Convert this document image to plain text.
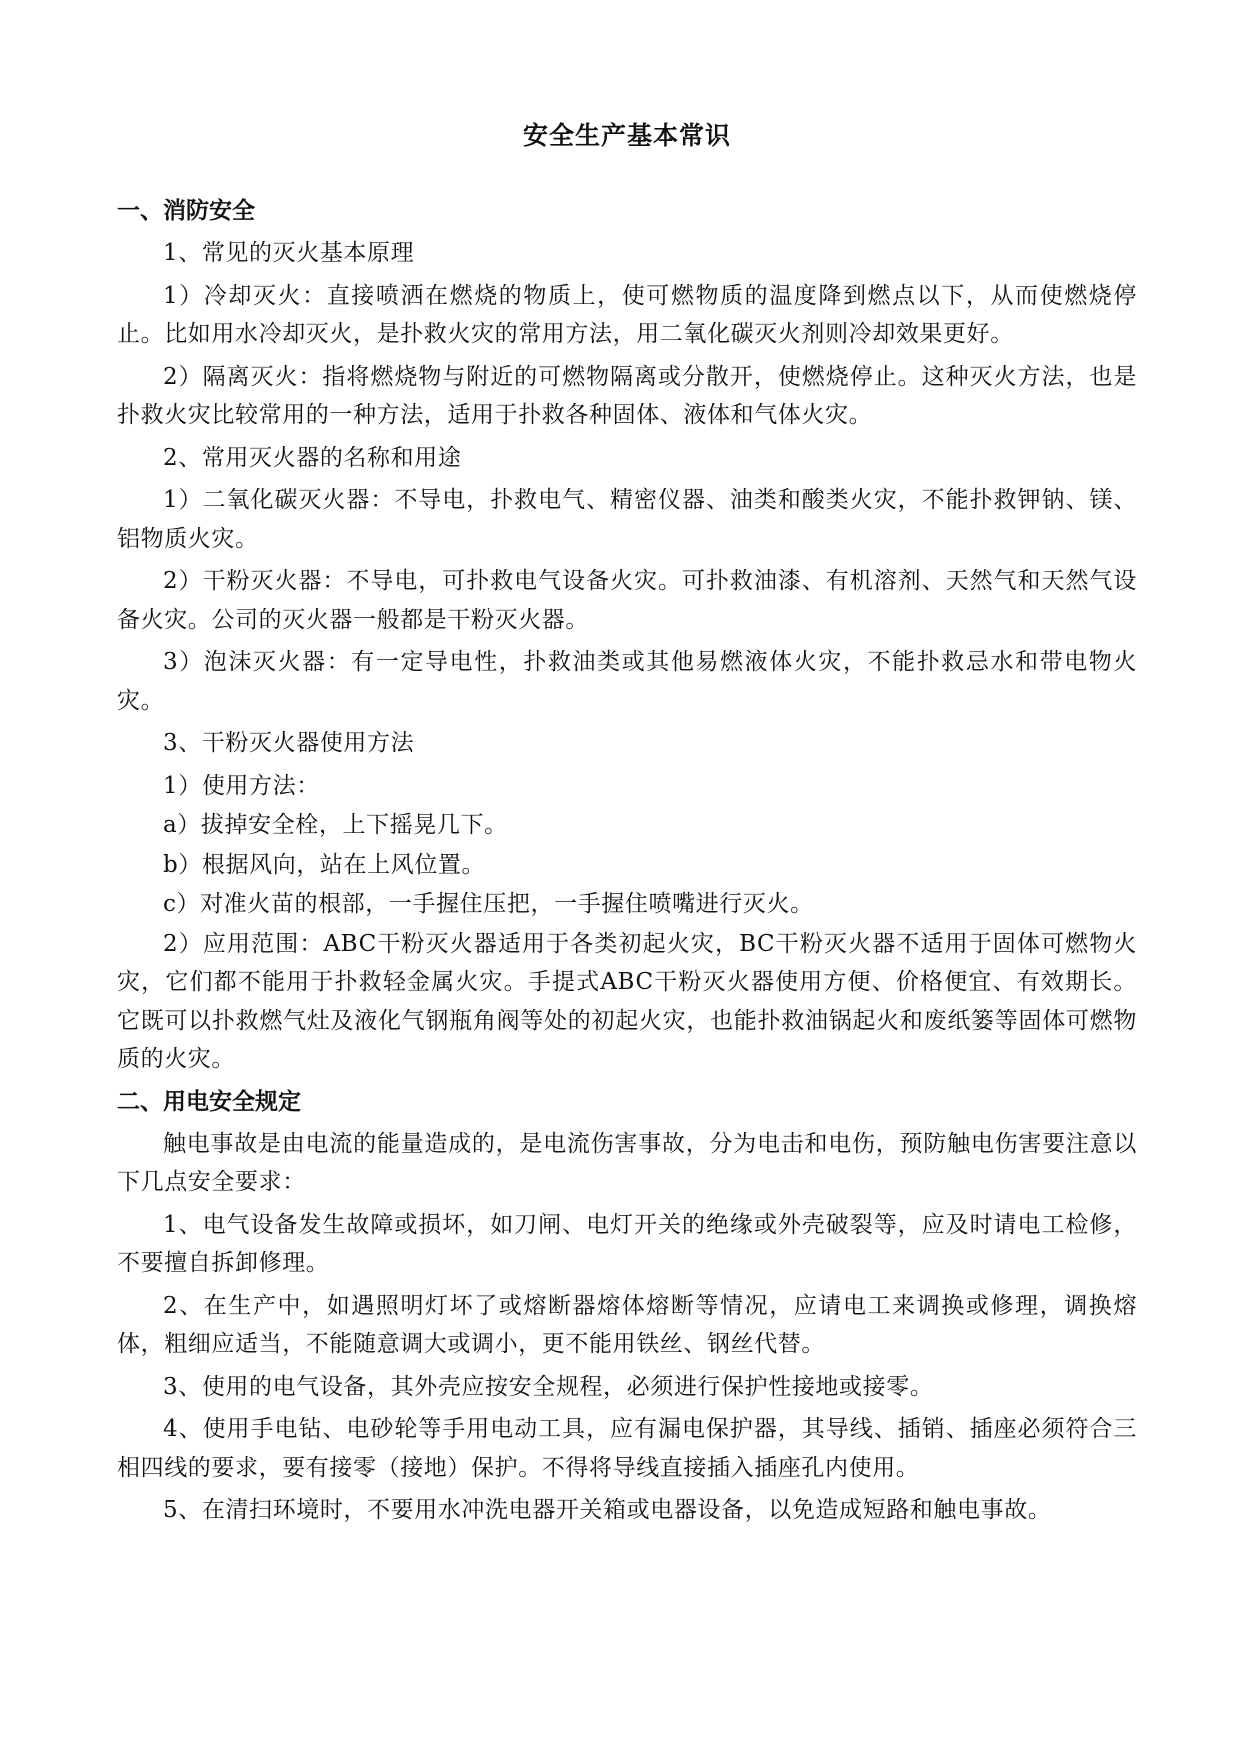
安全生产基本常识
一、消防安全

1、常见的灭火基本原理

1）冷却灭火：直接喷洒在燃烧的物质上，使可燃物质的温度降到燃点以下，从而使燃烧停止。比如用水冷却灭火，是扑救火灾的常用方法，用二氧化碳灭火剂则冷却效果更好。

2）隔离灭火：指将燃烧物与附近的可燃物隔离或分散开，使燃烧停止。这种灭火方法，也是扑救火灾比较常用的一种方法，适用于扑救各种固体、液体和气体火灾。

2、常用灭火器的名称和用途

1）二氧化碳灭火器：不导电，扑救电气、精密仪器、油类和酸类火灾，不能扑救钾钠、镁、铝物质火灾。

2）干粉灭火器：不导电，可扑救电气设备火灾。可扑救油漆、有机溶剂、天然气和天然气设备火灾。公司的灭火器一般都是干粉灭火器。

3）泡沫灭火器：有一定导电性，扑救油类或其他易燃液体火灾，不能扑救忌水和带电物火灾。

3、干粉灭火器使用方法

1）使用方法：

a）拔掉安全栓，上下摇晃几下。

b）根据风向，站在上风位置。

c）对准火苗的根部，一手握住压把，一手握住喷嘴进行灭火。

2）应用范围：ABC干粉灭火器适用于各类初起火灾，BC干粉灭火器不适用于固体可燃物火灾，它们都不能用于扑救轻金属火灾。手提式ABC干粉灭火器使用方便、价格便宜、有效期长。它既可以扑救燃气灶及液化气钢瓶角阀等处的初起火灾，也能扑救油锅起火和废纸篓等固体可燃物质的火灾。

二、用电安全规定

触电事故是由电流的能量造成的，是电流伤害事故，分为电击和电伤，预防触电伤害要注意以下几点安全要求：

1、电气设备发生故障或损坏，如刀闸、电灯开关的绝缘或外壳破裂等，应及时请电工检修，不要擅自拆卸修理。

2、在生产中，如遇照明灯坏了或熔断器熔体熔断等情况，应请电工来调换或修理，调换熔体，粗细应适当，不能随意调大或调小，更不能用铁丝、钢丝代替。

3、使用的电气设备，其外壳应按安全规程，必须进行保护性接地或接零。

4、使用手电钻、电砂轮等手用电动工具，应有漏电保护器，其导线、插销、插座必须符合三相四线的要求，要有接零（接地）保护。不得将导线直接插入插座孔内使用。

5、在清扫环境时，不要用水冲洗电器开关箱或电器设备，以免造成短路和触电事故。
